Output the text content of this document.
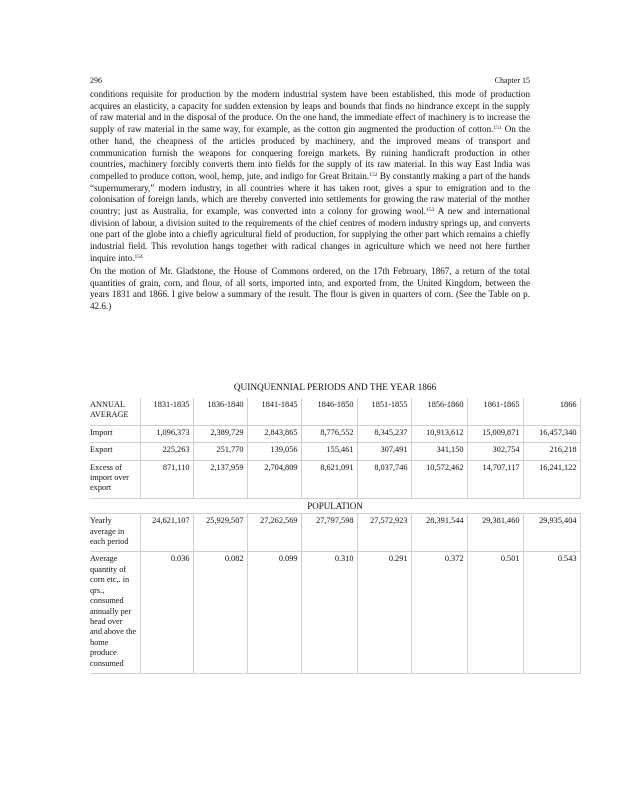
296	Chapter 15

conditions requisite for production by the modern industrial system have been established, this mode of production acquires an elasticity, a capacity for sudden extension by leaps and bounds that finds no hindrance except in the supply of raw material and in the disposal of the produce. On the one hand, the immediate effect of machinery is to increase the supply of raw material in the same way, for example, as the cotton gin augmented the production of cotton.$^{151}$ On the other hand, the cheapness of the articles produced by machinery, and the improved means of transport and communication furnish the weapons for conquering foreign markets. By ruining handicraft production in other countries, machinery forcibly converts them into fields for the supply of its raw material. In this way East India was compelled to produce cotton, wool, hemp, jute, and indigo for Great Britain.$^{152}$ By constantly making a part of the hands “supernumerary,” modern industry, in all countries where it has taken root, gives a spur to emigration and to the colonisation of foreign lands, which are thereby converted into settlements for growing the raw material of the mother country; just as Australia, for example, was converted into a colony for growing wool.$^{153}$ A new and international division of labour, a division suited to the requirements of the chief centres of modern industry springs up, and converts one part of the globe into a chiefly agricultural field of production, for supplying the other part which remains a chiefly industrial field. This revolution hangs together with radical changes in agriculture which we need not here further inquire into.$^{154}$

On the motion of Mr. Gladstone, the House of Commons ordered, on the 17th February, 1867, a return of the total quantities of grain, corn, and flour, of all sorts, imported into, and exported from, the United Kingdom, between the years 1831 and 1866. I give below a summary of the result. The flour is given in quarters of corn. (See the Table on p. 42.6.)

QUINQUENNIAL PERIODS AND THE YEAR 1866
ANNUAL AVERAGE	1831-1835	1836-1840	1841-1845	1846-1850	1851-1855	1856-1860	1861-1865	1866
Import	1,096,373	2,389,729	2,843,865	8,776,552	8,345,237	10,913,612	15,009,871	16,457,340
Export	225,263	251,770	139,056	155,461	307,491	341,150	302,754	216,218
Excess of import over export	871,110	2,137,959	2,704,809	8,621,091	8,037,746	10,572,462	14,707,117	16,241,122
POPULATION								
Yearly average in each period	24,621,107	25,929,507	27,262,569	27,797,598	27,572,923	28,391,544	29,381,460	29,935,404
Average quantity of corn etc,. in qrs., consumed annually per head over and above the home produce consumed	0.036	0.082	0.099	0.310	0.291	0.372	0.501	0.543
